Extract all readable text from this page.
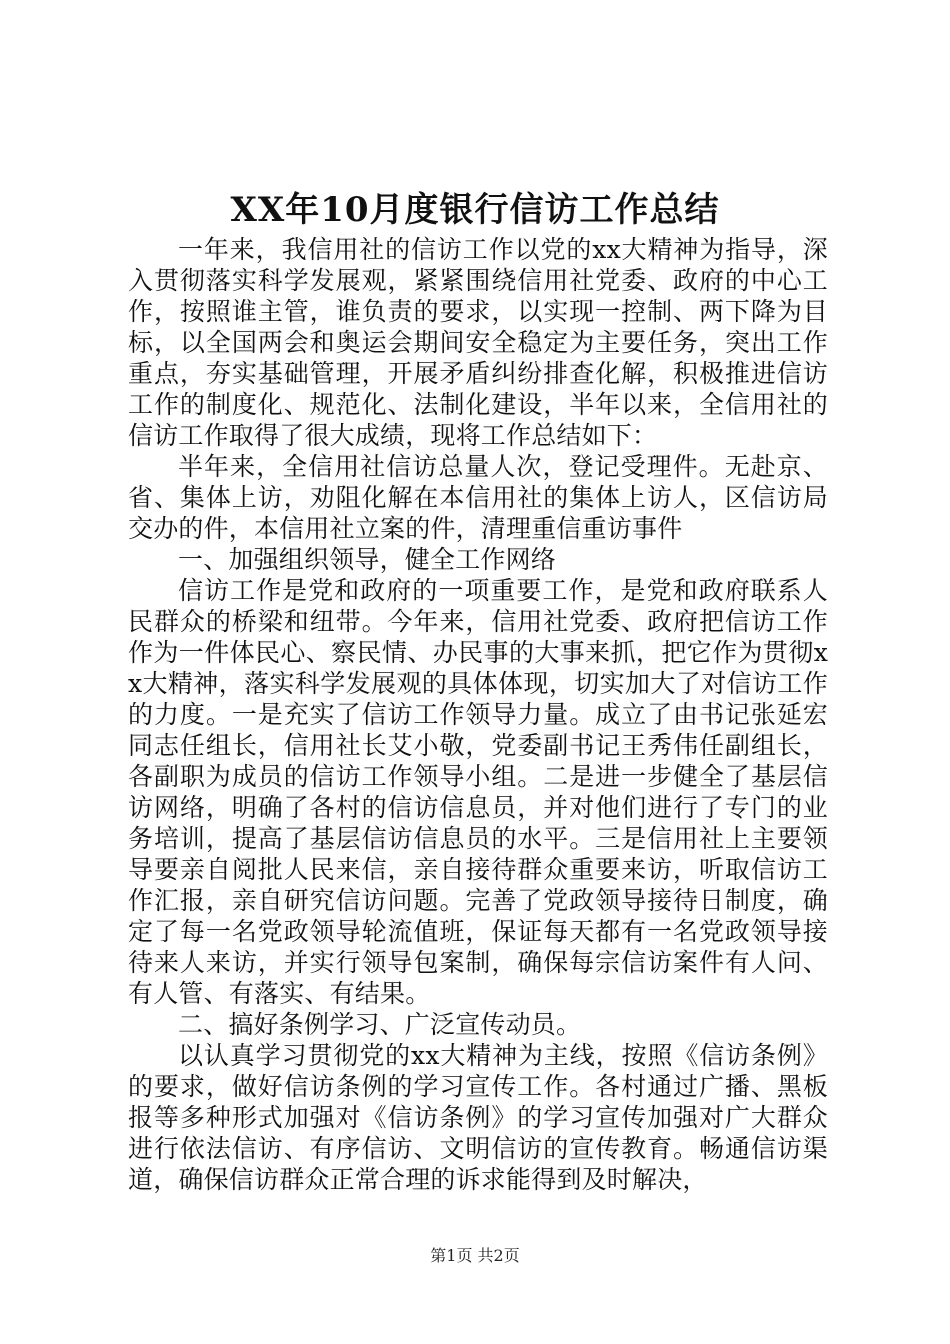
XX年10月度银行信访工作总结

一年来，我信用社的信访工作以党的xx大精神为指导，深入贯彻落实科学发展观，紧紧围绕信用社党委、政府的中心工作，按照谁主管，谁负责的要求，以实现一控制、两下降为目标，以全国两会和奥运会期间安全稳定为主要任务，突出工作重点，夯实基础管理，开展矛盾纠纷排查化解，积极推进信访工作的制度化、规范化、法制化建设，半年以来，全信用社的信访工作取得了很大成绩，现将工作总结如下：

半年来，全信用社信访总量人次，登记受理件。无赴京、省、集体上访，劝阻化解在本信用社的集体上访人，区信访局交办的件，本信用社立案的件，清理重信重访事件

一、加强组织领导，健全工作网络

信访工作是党和政府的一项重要工作，是党和政府联系人民群众的桥梁和纽带。今年来，信用社党委、政府把信访工作作为一件体民心、察民情、办民事的大事来抓，把它作为贯彻xx大精神，落实科学发展观的具体体现，切实加大了对信访工作的力度。一是充实了信访工作领导力量。成立了由书记张延宏同志任组长，信用社长艾小敬，党委副书记王秀伟任副组长，各副职为成员的信访工作领导小组。二是进一步健全了基层信访网络，明确了各村的信访信息员，并对他们进行了专门的业务培训，提高了基层信访信息员的水平。三是信用社上主要领导要亲自阅批人民来信，亲自接待群众重要来访，听取信访工作汇报，亲自研究信访问题。完善了党政领导接待日制度，确定了每一名党政领导轮流值班，保证每天都有一名党政领导接待来人来访，并实行领导包案制，确保每宗信访案件有人问、有人管、有落实、有结果。

二、搞好条例学习、广泛宣传动员。

以认真学习贯彻党的xx大精神为主线，按照《信访条例》的要求，做好信访条例的学习宣传工作。各村通过广播、黑板报等多种形式加强对《信访条例》的学习宣传加强对广大群众进行依法信访、有序信访、文明信访的宣传教育。畅通信访渠道，确保信访群众正常合理的诉求能得到及时解决，

第1页 共2页
